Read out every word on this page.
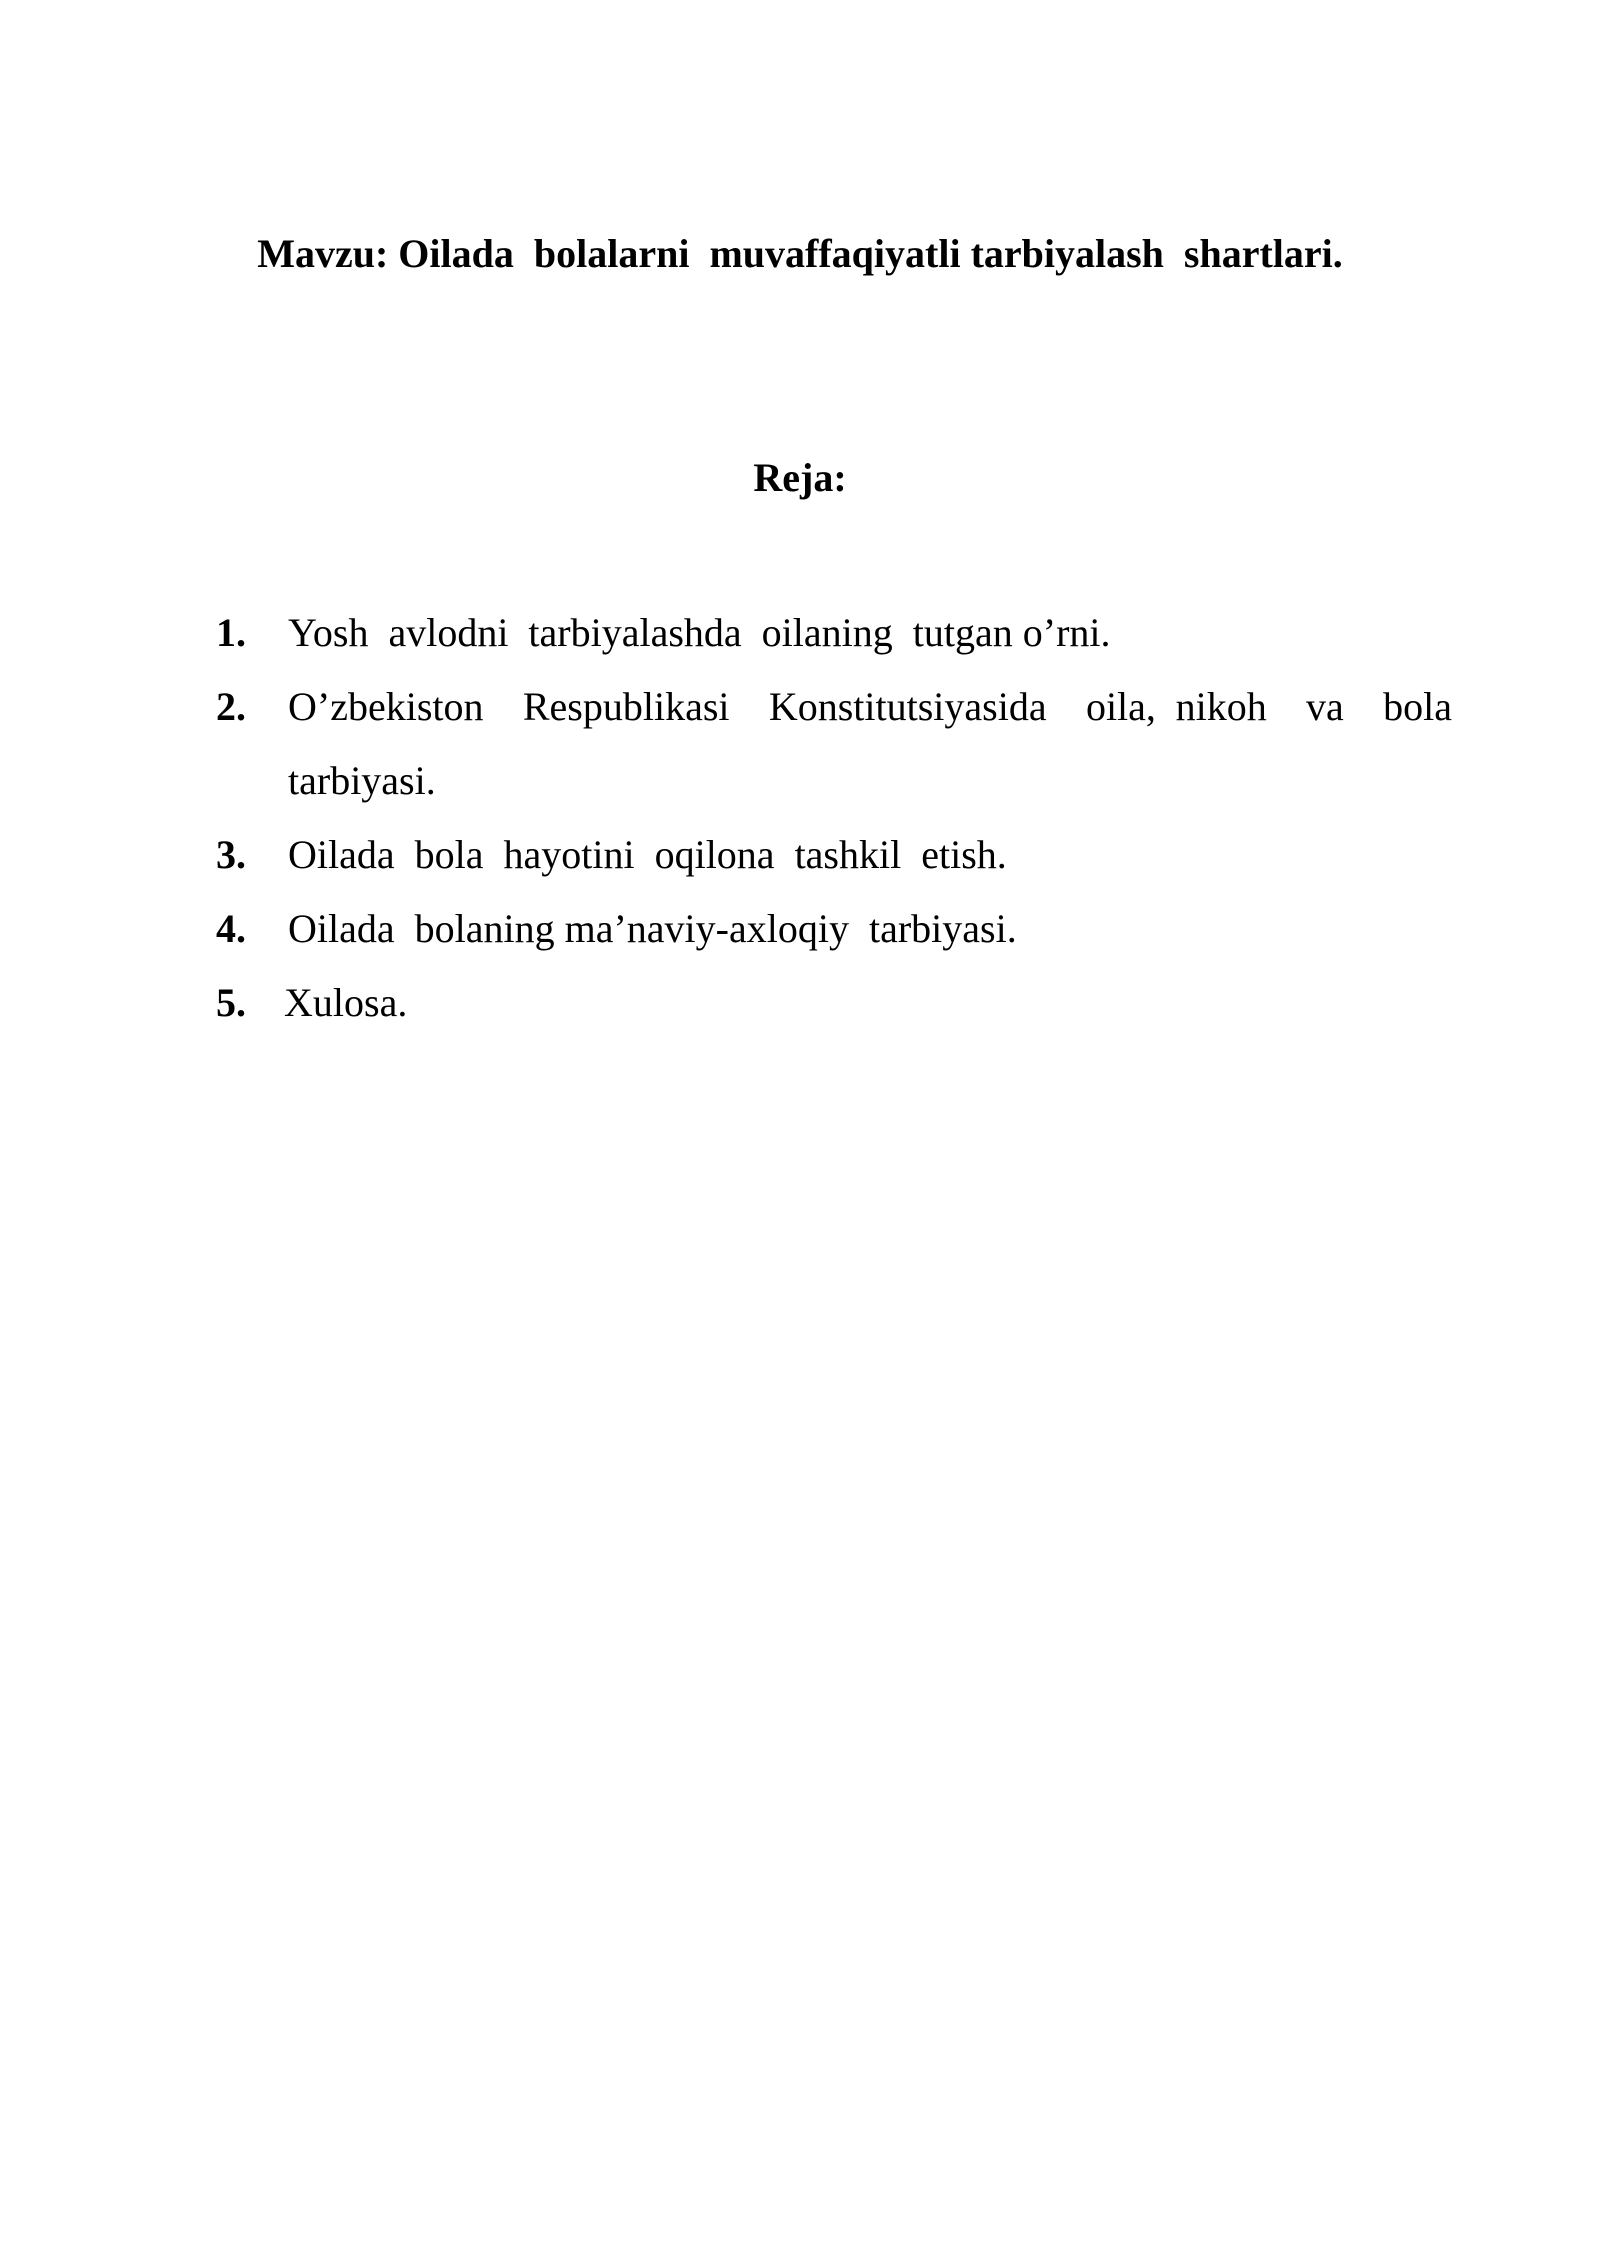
Mavzu: Oilada  bolalarni  muvaffaqiyatli tarbiyalash  shartlari.
Reja:
1. Yosh  avlodni  tarbiyalashda  oilaning  tutgan o’rni.
2. O’zbekiston  Respublikasi  Konstitutsiyasida  oila, nikoh  va  bola tarbiyasi.
3. Oilada  bola  hayotini  oqilona  tashkil  etish.
4. Oilada  bolaning ma’naviy-axloqiy  tarbiyasi.
5. Xulosa.
